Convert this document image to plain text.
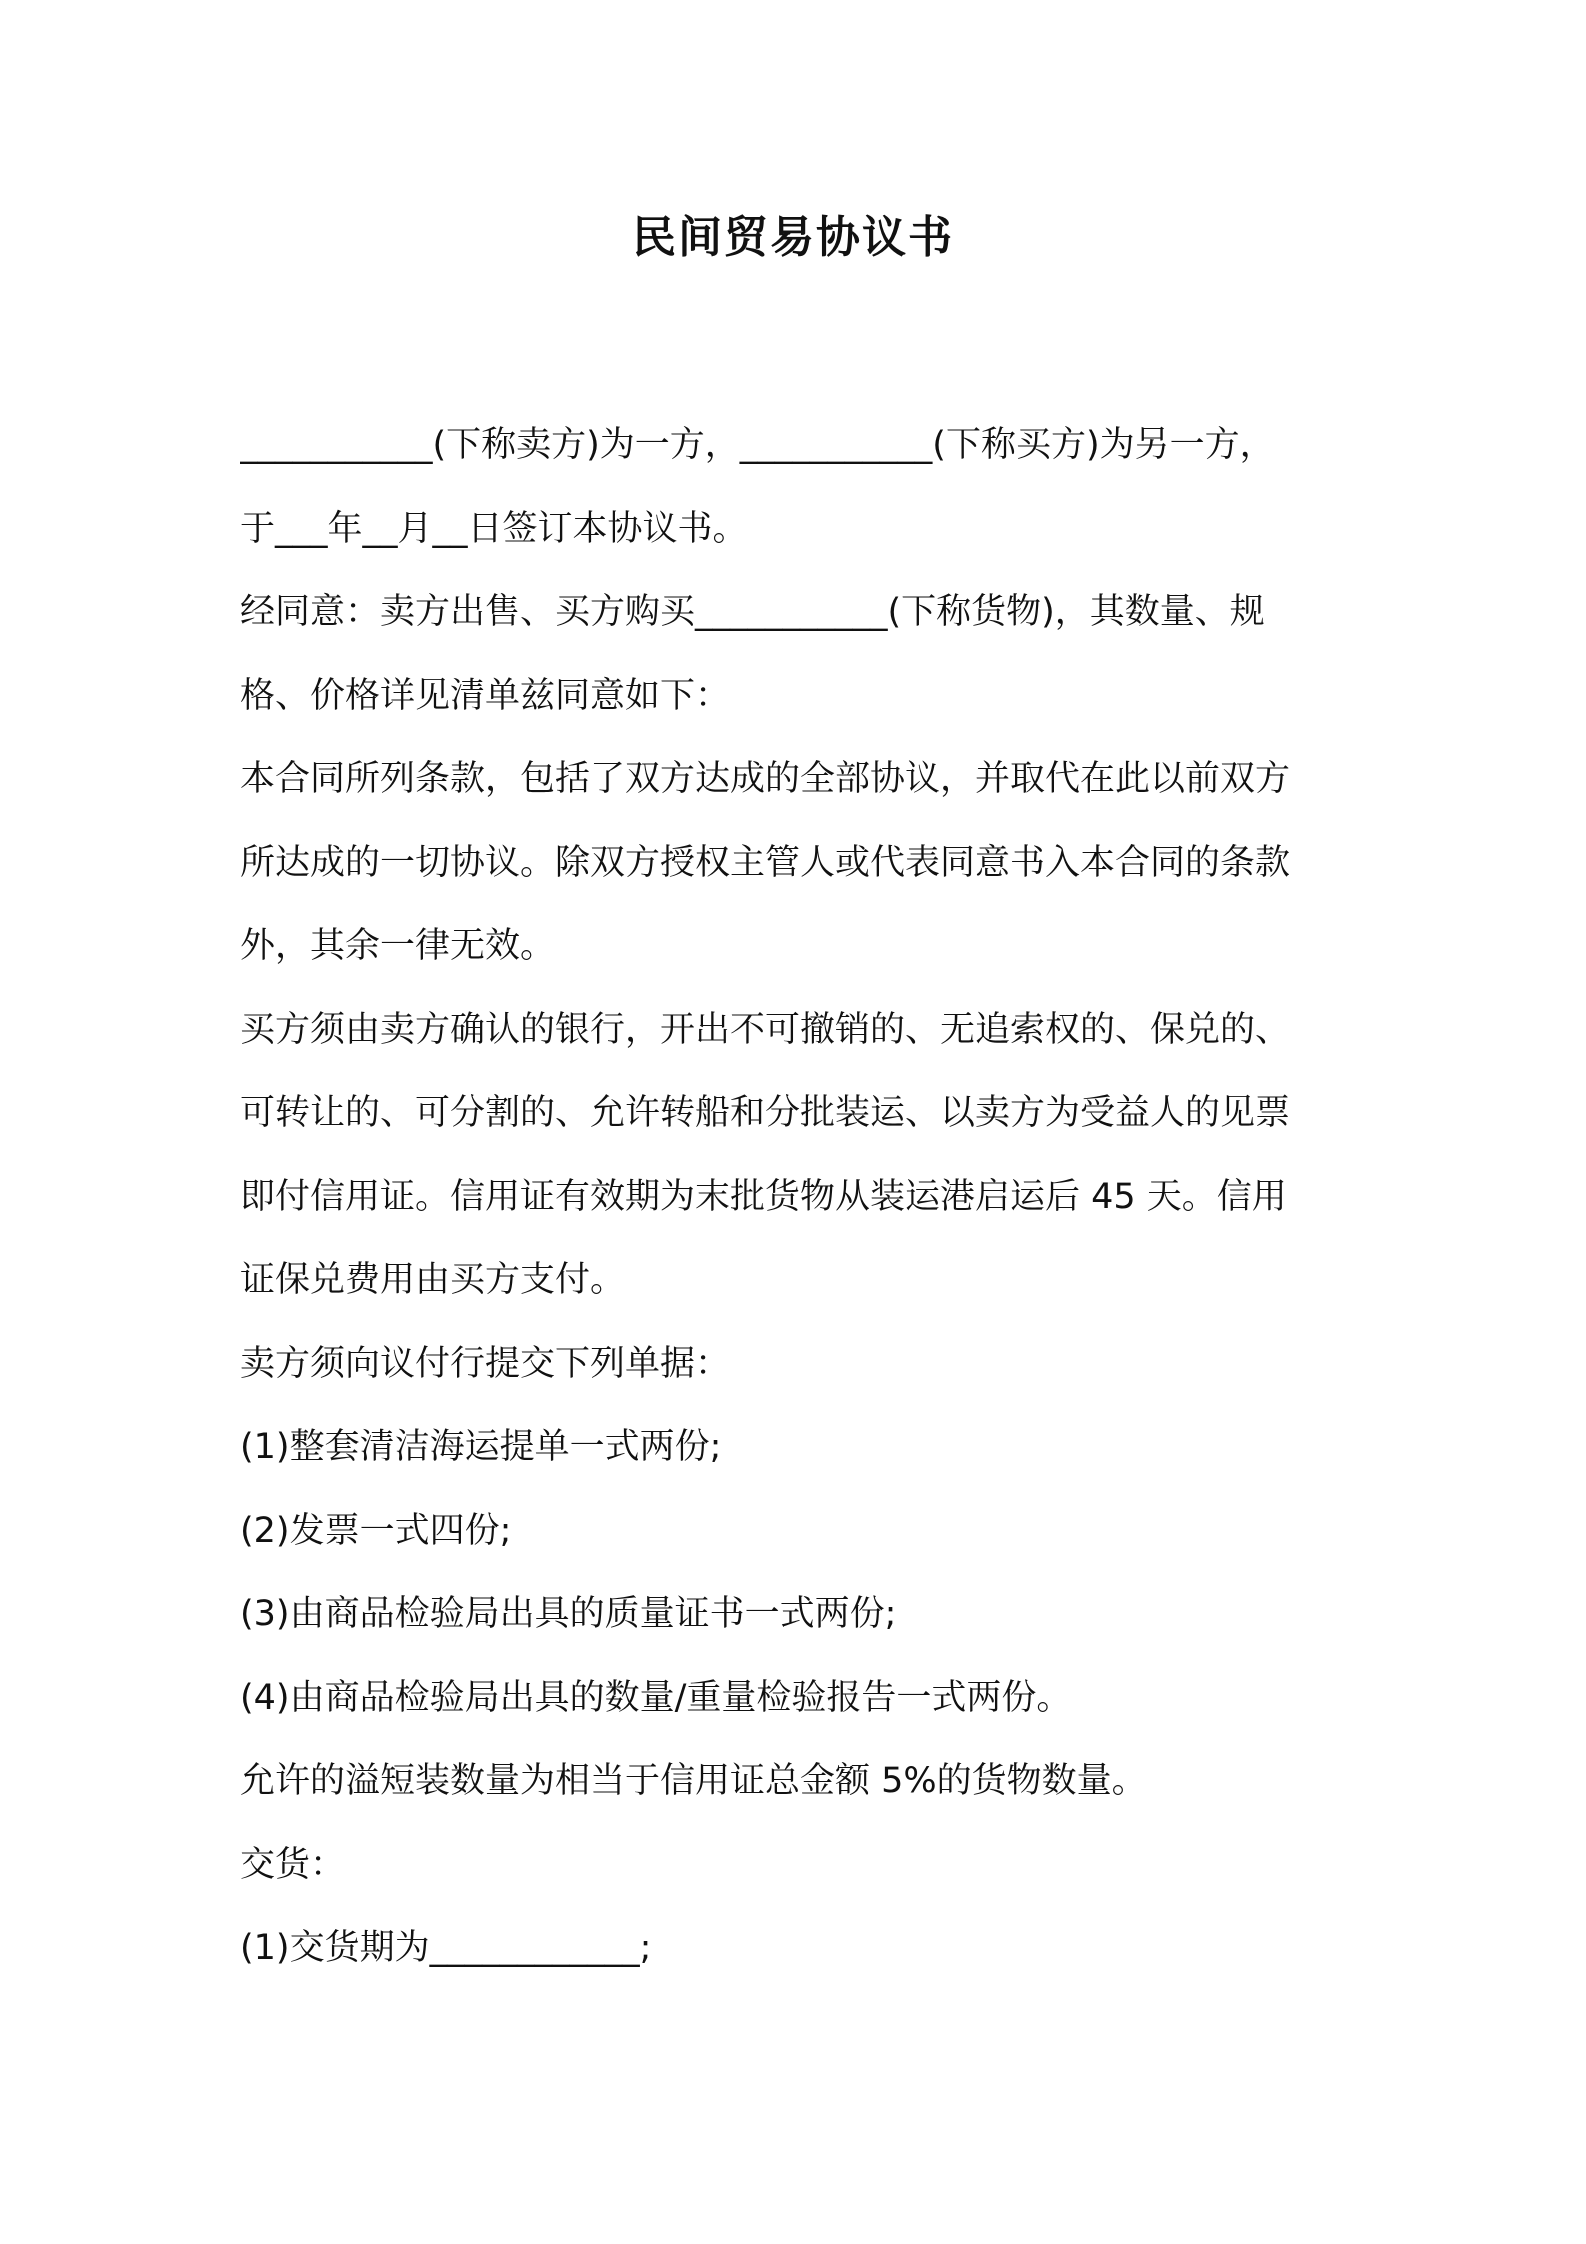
民间贸易协议书
___________(下称卖方)为一方，___________(下称买方)为另一方，
于___年__月__日签订本协议书。
经同意：卖方出售、买方购买___________(下称货物)，其数量、规
格、价格详见清单兹同意如下：
本合同所列条款，包括了双方达成的全部协议，并取代在此以前双方
所达成的一切协议。除双方授权主管人或代表同意书入本合同的条款
外，其余一律无效。
买方须由卖方确认的银行，开出不可撤销的、无追索权的、保兑的、
可转让的、可分割的、允许转船和分批装运、以卖方为受益人的见票
即付信用证。信用证有效期为末批货物从装运港启运后 45 天。信用
证保兑费用由买方支付。
卖方须向议付行提交下列单据：
(1)整套清洁海运提单一式两份;
(2)发票一式四份;
(3)由商品检验局出具的质量证书一式两份;
(4)由商品检验局出具的数量/重量检验报告一式两份。
允许的溢短装数量为相当于信用证总金额 5%的货物数量。
交货：
(1)交货期为____________;
